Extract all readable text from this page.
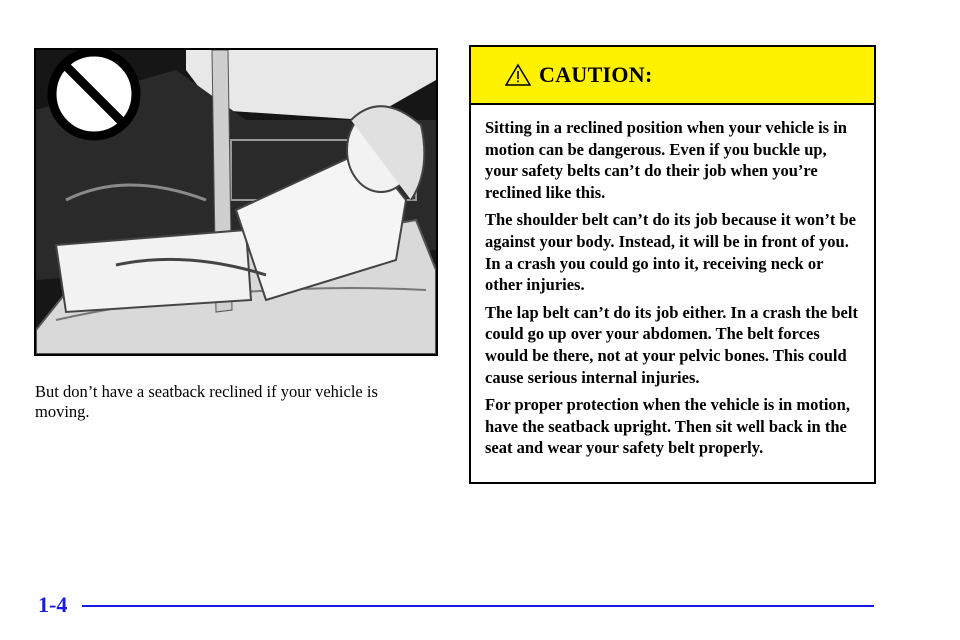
But don’t have a seatback reclined if your vehicle is moving.
CAUTION:

Sitting in a reclined position when your vehicle is in motion can be dangerous. Even if you buckle up, your safety belts can’t do their job when you’re reclined like this.

The shoulder belt can’t do its job because it won’t be against your body. Instead, it will be in front of you. In a crash you could go into it, receiving neck or other injuries.

The lap belt can’t do its job either. In a crash the belt could go up over your abdomen. The belt forces would be there, not at your pelvic bones. This could cause serious internal injuries.

For proper protection when the vehicle is in motion, have the seatback upright. Then sit well back in the seat and wear your safety belt properly.

1-4
